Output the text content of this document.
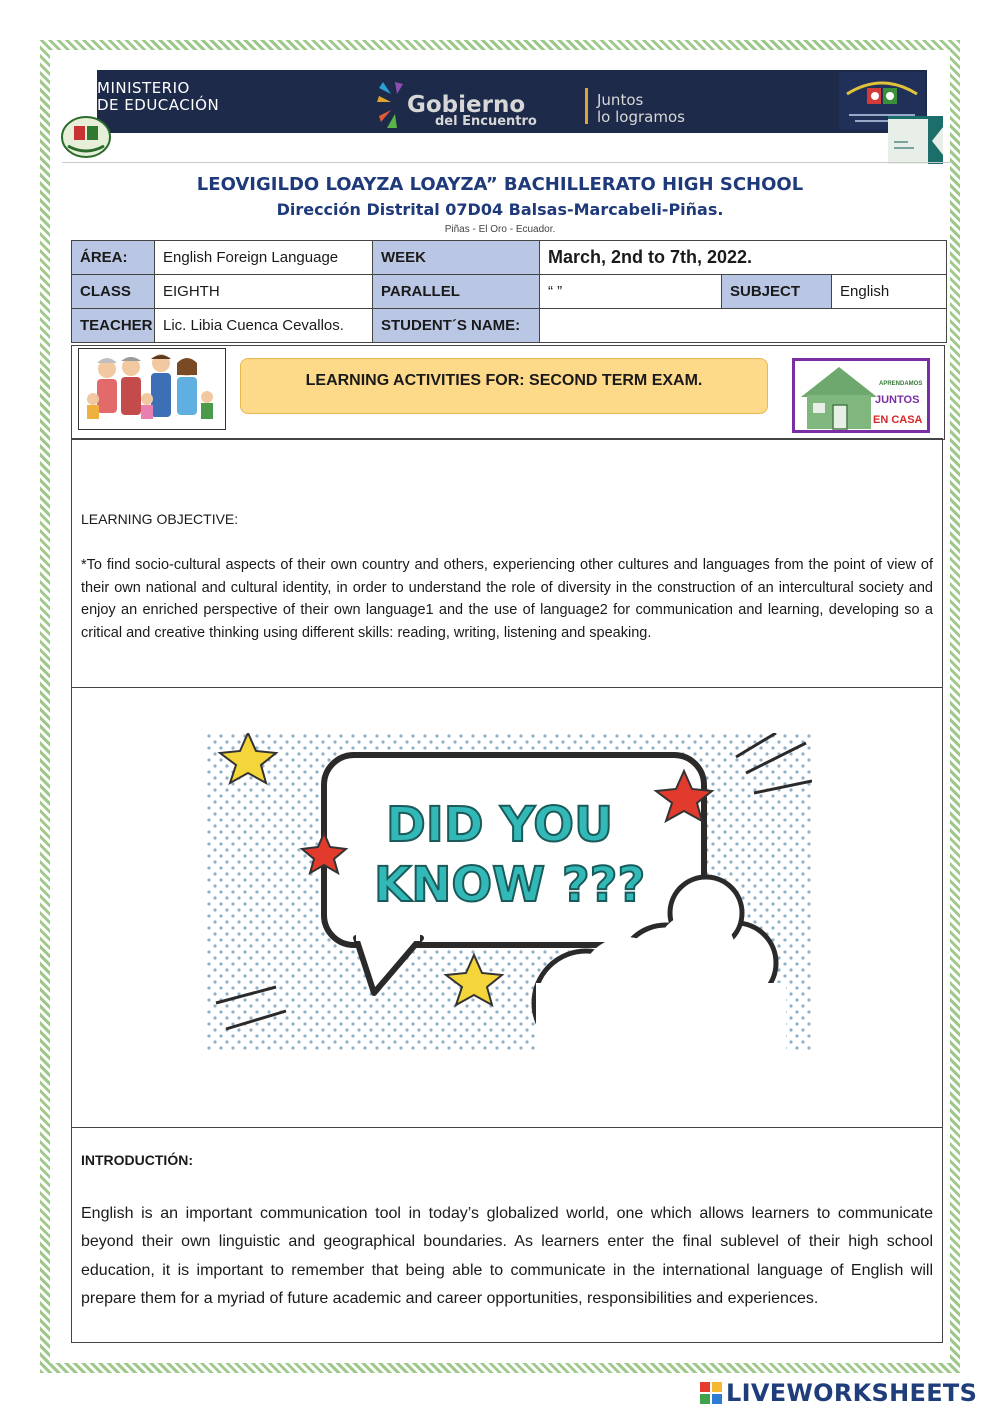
MINISTERIO
DE EDUCACIÓN	Gobierno
del Encuentro
Juntos
lo logramos
LEOVIGILDO LOAYZA LOAYZA” BACHILLERATO HIGH SCHOOL
Dirección Distrital 07D04 Balsas-Marcabeli-Piñas.
Piñas - El Oro - Ecuador.
ÁREA:	English Foreign Language	WEEK	March, 2nd to 7th, 2022.		
CLASS	EIGHTH	PARALLEL	“ ”	SUBJECT	English
TEACHER	Lic. Libia Cuenca Cevallos.	STUDENT´S NAME:			
LEARNING ACTIVITIES FOR: SECOND TERM EXAM.	APRENDAMOS
JUNTOS
EN CASA
LEARNING OBJECTIVE:
*To find socio-cultural aspects of their own country and others, experiencing other cultures and languages from the point of view of their own national and cultural identity, in order to understand the role of diversity in the construction of an intercultural society and enjoy an enriched perspective of their own language1 and the use of language2 for communication and learning, developing so a critical and creative thinking using different skills: reading, writing, listening and speaking.
DID YOU
KNOW ???
INTRODUCTIÓN:
English is an important communication tool in today’s globalized world, one which allows learners to communicate beyond their own linguistic and geographical boundaries. As learners enter the final sublevel of their high school education, it is important to remember that being able to communicate in the international language of English will prepare them for a myriad of future academic and career opportunities, responsibilities and experiences.
LIVEWORKSHEETS
